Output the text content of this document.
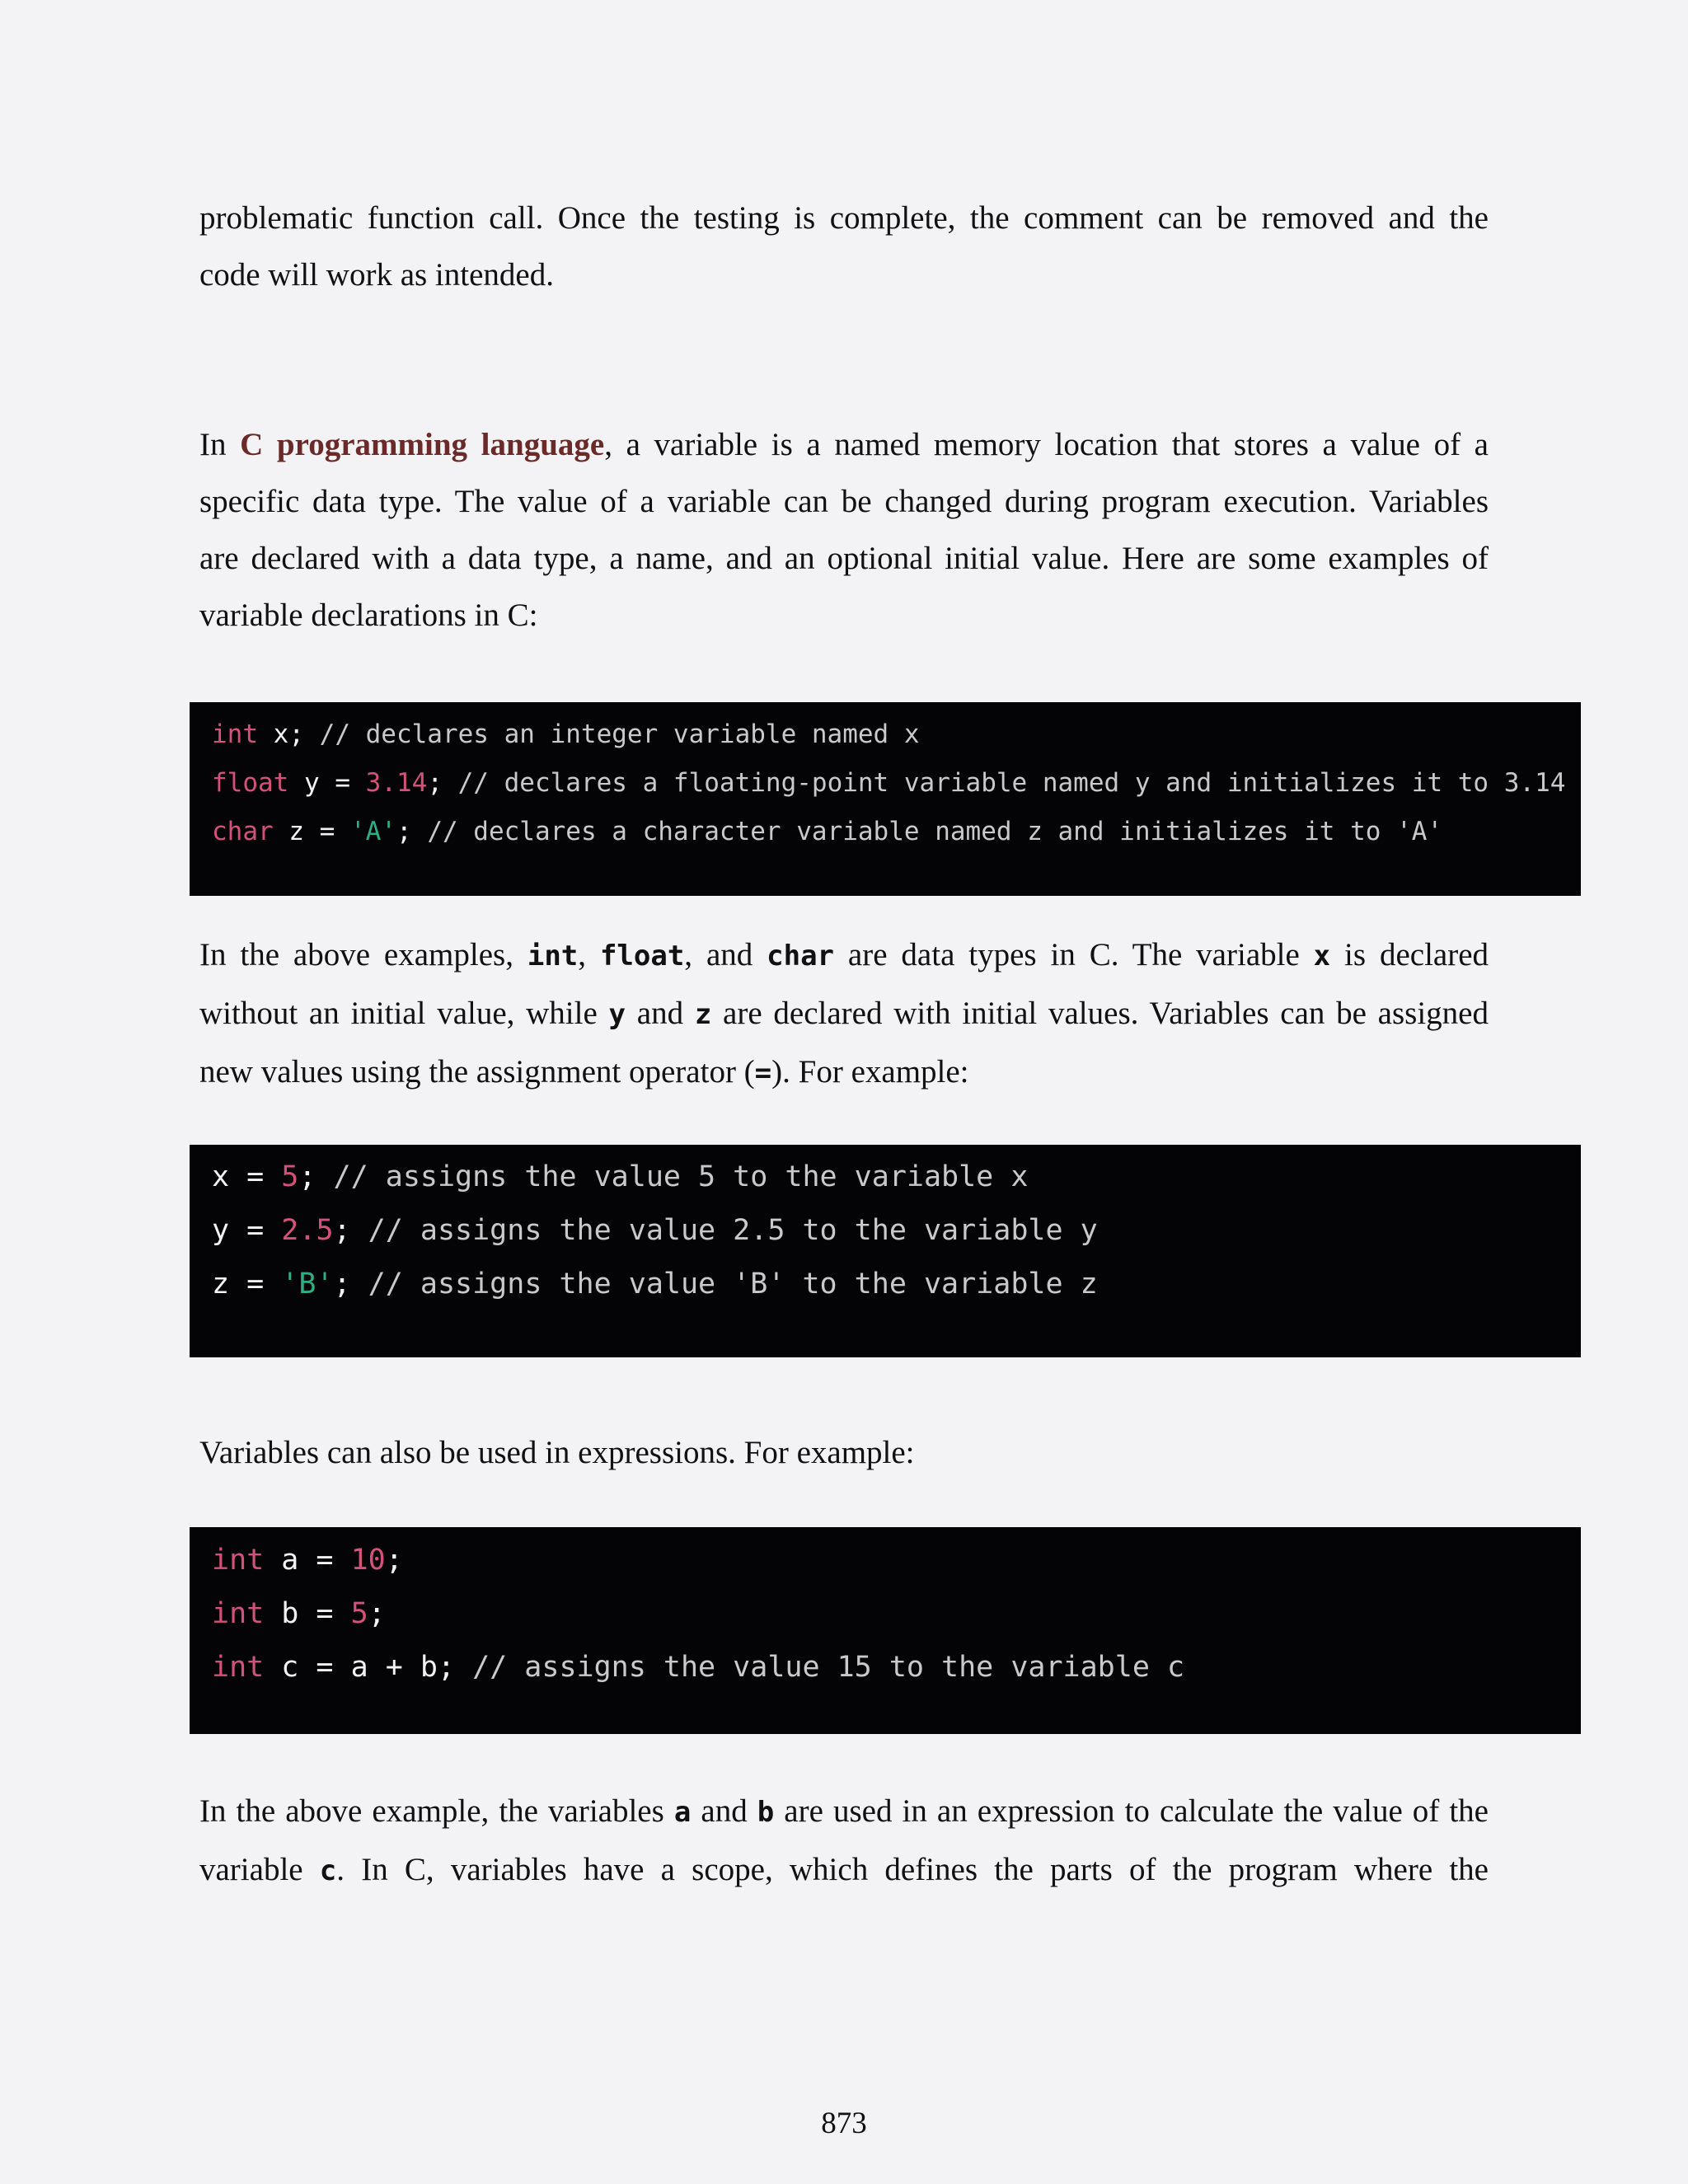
problematic function call. Once the testing is complete, the comment can be removed and the
code will work as intended.
In C programming language, a variable is a named memory location that stores a value of a
specific data type. The value of a variable can be changed during program execution. Variables
are declared with a data type, a name, and an optional initial value. Here are some examples of
variable declarations in C:
int x; // declares an integer variable named x
float y = 3.14; // declares a floating-point variable named y and initializes it to 3.14
char z = 'A'; // declares a character variable named z and initializes it to 'A'
In the above examples, int, float, and char are data types in C. The variable x is declared
without an initial value, while y and z are declared with initial values. Variables can be assigned
new values using the assignment operator (=). For example:
x = 5; // assigns the value 5 to the variable x
y = 2.5; // assigns the value 2.5 to the variable y
z = 'B'; // assigns the value 'B' to the variable z
Variables can also be used in expressions. For example:
int a = 10;
int b = 5;
int c = a + b; // assigns the value 15 to the variable c
In the above example, the variables a and b are used in an expression to calculate the value of the
variable c. In C, variables have a scope, which defines the parts of the program where the
873
